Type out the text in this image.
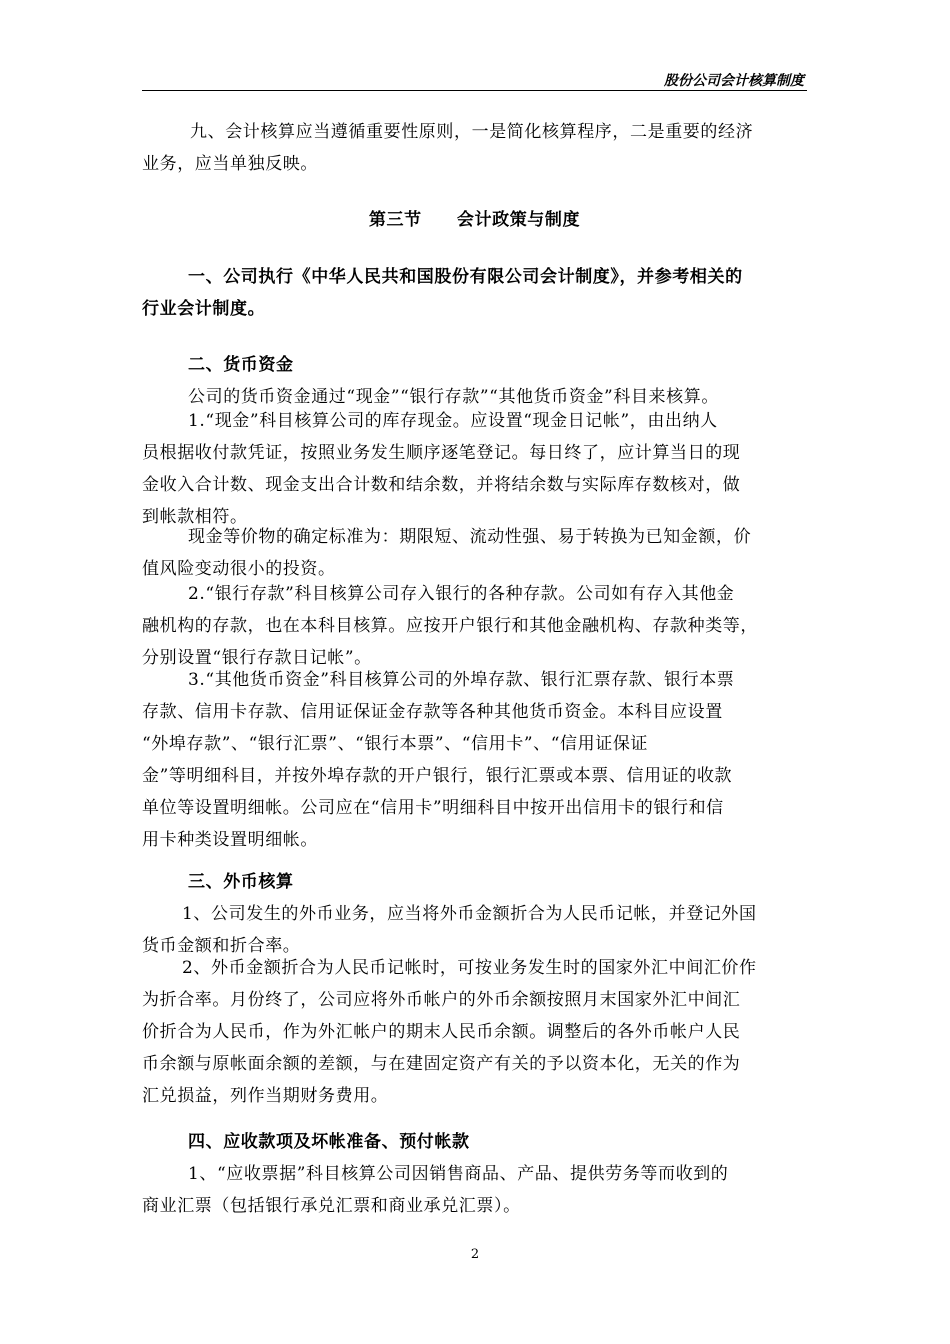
股份公司会计核算制度

九、会计核算应当遵循重要性原则，一是简化核算程序，二是重要的经济

业务，应当单独反映。

第三节　　会计政策与制度

一、公司执行《中华人民共和国股份有限公司会计制度》，并参考相关的

行业会计制度。

二、货币资金

公司的货币资金通过“现金”“银行存款”“其他货币资金”科目来核算。

1.“现金”科目核算公司的库存现金。应设置“现金日记帐”，由出纳人

员根据收付款凭证，按照业务发生顺序逐笔登记。每日终了，应计算当日的现

金收入合计数、现金支出合计数和结余数，并将结余数与实际库存数核对，做

到帐款相符。

现金等价物的确定标准为：期限短、流动性强、易于转换为已知金额，价

值风险变动很小的投资。

2.“银行存款”科目核算公司存入银行的各种存款。公司如有存入其他金

融机构的存款，也在本科目核算。应按开户银行和其他金融机构、存款种类等，

分别设置“银行存款日记帐”。

3.“其他货币资金”科目核算公司的外埠存款、银行汇票存款、银行本票

存款、信用卡存款、信用证保证金存款等各种其他货币资金。本科目应设置

“外埠存款”、“银行汇票”、“银行本票”、“信用卡”、“信用证保证

金”等明细科目，并按外埠存款的开户银行，银行汇票或本票、信用证的收款

单位等设置明细帐。公司应在“信用卡”明细科目中按开出信用卡的银行和信

用卡种类设置明细帐。

三、外币核算

1、公司发生的外币业务，应当将外币金额折合为人民币记帐，并登记外国

货币金额和折合率。

2、外币金额折合为人民币记帐时，可按业务发生时的国家外汇中间汇价作

为折合率。月份终了，公司应将外币帐户的外币余额按照月末国家外汇中间汇

价折合为人民币，作为外汇帐户的期末人民币余额。调整后的各外币帐户人民

币余额与原帐面余额的差额，与在建固定资产有关的予以资本化，无关的作为

汇兑损益，列作当期财务费用。

四、应收款项及坏帐准备、预付帐款

1、“应收票据”科目核算公司因销售商品、产品、提供劳务等而收到的

商业汇票（包括银行承兑汇票和商业承兑汇票）。

2
